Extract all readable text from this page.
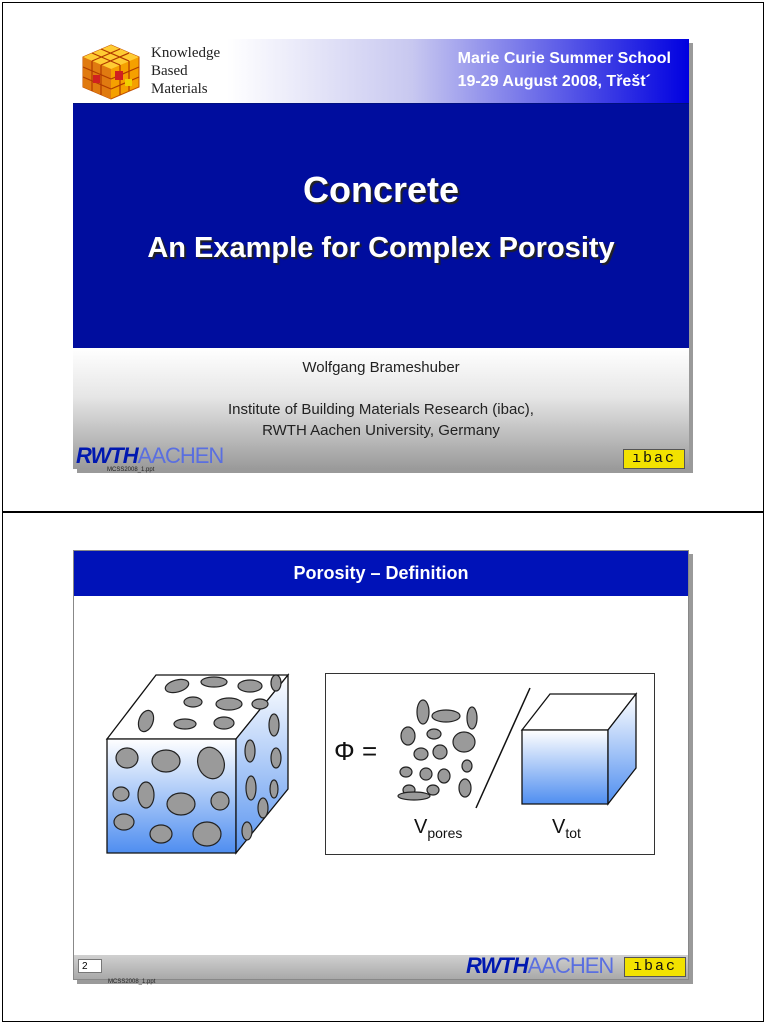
Knowledge
Based
Materials
Marie Curie Summer School
19-29 August 2008, Třešt´
Concrete
An Example for Complex Porosity
Wolfgang Brameshuber
Institute of Building Materials Research (ibac),
RWTH Aachen University, Germany
RWTHAACHEN	ıbac
MCSS2008_1.ppt
Porosity – Definition
Φ =
$V_{pores}$	$V_{tot}$
2	RWTHAACHEN	ıbac
MCSS2008_1.ppt
